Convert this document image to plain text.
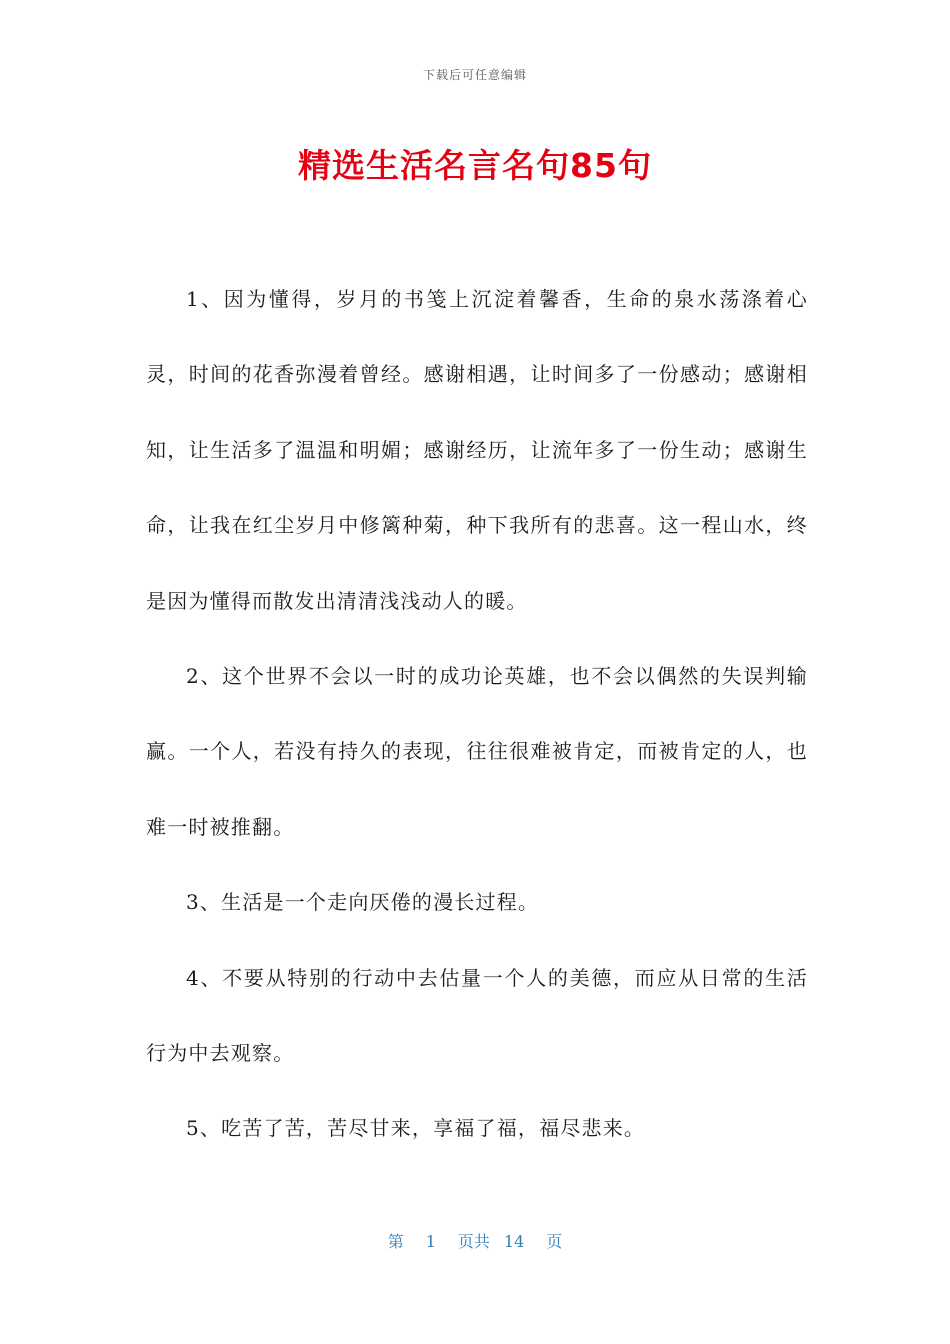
下载后可任意编辑
精选生活名言名句85句

1、因为懂得，岁月的书笺上沉淀着馨香，生命的泉水荡涤着心灵，时间的花香弥漫着曾经。感谢相遇，让时间多了一份感动；感谢相知，让生活多了温温和明媚；感谢经历，让流年多了一份生动；感谢生命，让我在红尘岁月中修篱种菊，种下我所有的悲喜。这一程山水，终是因为懂得而散发出清清浅浅动人的暖。

2、这个世界不会以一时的成功论英雄，也不会以偶然的失误判输赢。一个人，若没有持久的表现，往往很难被肯定，而被肯定的人，也难一时被推翻。

3、生活是一个走向厌倦的漫长过程。

4、不要从特别的行动中去估量一个人的美德，而应从日常的生活行为中去观察。

5、吃苦了苦，苦尽甘来，享福了福，福尽悲来。

第 1 页共 14 页
